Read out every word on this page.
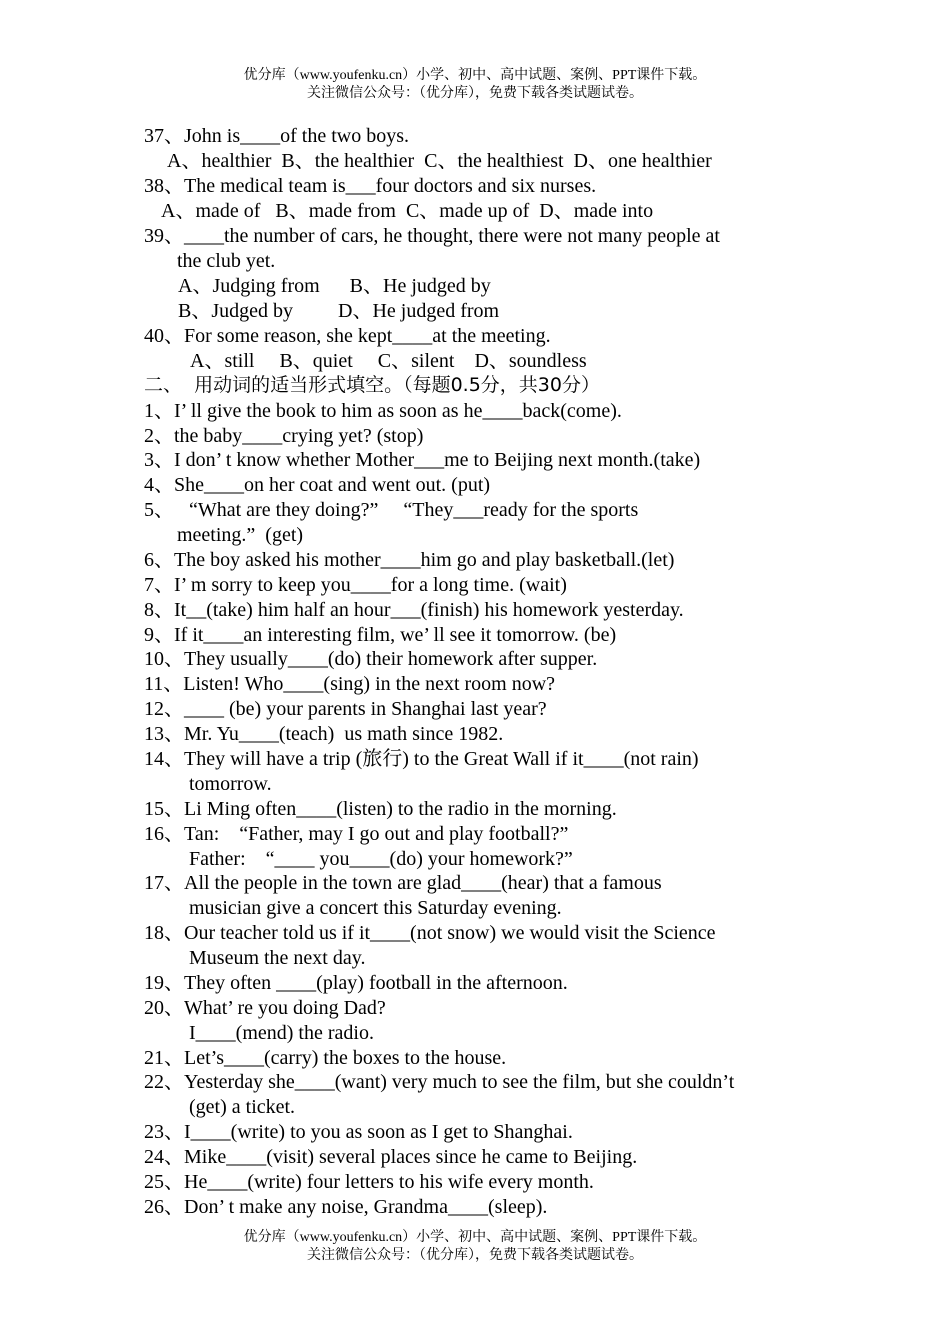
优分库（www.youfenku.cn）小学、初中、高中试题、案例、PPT课件下载。
关注微信公众号：（优分库），免费下载各类试题试卷。
37、John is____of the two boys.
A、healthier  B、the healthier  C、the healthiest  D、one healthier
38、The medical team is___four doctors and six nurses.
A、made of   B、made from  C、made up of  D、made into
39、____the number of cars, he thought, there were not many people at
the club yet.
A、Judging from      B、He judged by
B、Judged by         D、He judged from
40、For some reason, she kept____at the meeting.
A、still     B、quiet     C、silent    D、soundless
二、  用动词的适当形式填空。（每题0.5分，共30分）
1、I’ ll give the book to him as soon as he____back(come).
2、the baby____crying yet? (stop)
3、I don’ t know whether Mother___me to Beijing next month.(take)
4、She____on her coat and went out. (put)
5、   “What are they doing?”     “They___ready for the sports
meeting.”  (get)
6、The boy asked his mother____him go and play basketball.(let)
7、I’ m sorry to keep you____for a long time. (wait)
8、It__(take) him half an hour___(finish) his homework yesterday.
9、If it____an interesting film, we’ ll see it tomorrow. (be)
10、They usually____(do) their homework after supper.
11、Listen! Who____(sing) in the next room now?
12、____ (be) your parents in Shanghai last year?
13、Mr. Yu____(teach)  us math since 1982.
14、They will have a trip (旅行) to the Great Wall if it____(not rain)
tomorrow.
15、Li Ming often____(listen) to the radio in the morning.
16、Tan:    “Father, may I go out and play football?”
Father:    “____ you____(do) your homework?”
17、All the people in the town are glad____(hear) that a famous
musician give a concert this Saturday evening.
18、Our teacher told us if it____(not snow) we would visit the Science
Museum the next day.
19、They often ____(play) football in the afternoon.
20、What’ re you doing Dad?
I____(mend) the radio.
21、Let’s____(carry) the boxes to the house.
22、Yesterday she____(want) very much to see the film, but she couldn’t
(get) a ticket.
23、I____(write) to you as soon as I get to Shanghai.
24、Mike____(visit) several places since he came to Beijing.
25、He____(write) four letters to his wife every month.
26、Don’ t make any noise, Grandma____(sleep).
优分库（www.youfenku.cn）小学、初中、高中试题、案例、PPT课件下载。
关注微信公众号：（优分库），免费下载各类试题试卷。
